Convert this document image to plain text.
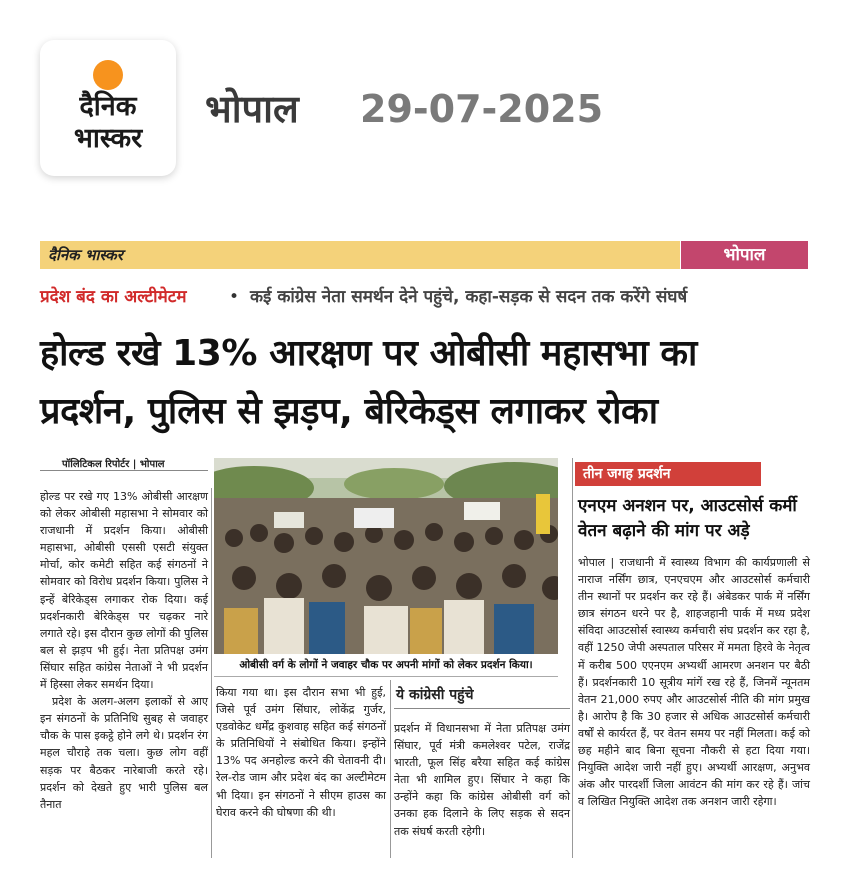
दैनिक
भास्कर
भोपाल 29-07-2025
दैनिक भास्कर	भोपाल
प्रदेश बंद का अल्टीमेटम	• कई कांग्रेस नेता समर्थन देने पहुंचे, कहा-सड़क से सदन तक करेंगे संघर्ष
होल्ड रखे 13% आरक्षण पर ओबीसी महासभा का
प्रदर्शन, पुलिस से झड़प, बेरिकेड्स लगाकर रोका
पॉलिटिकल रिपोर्टर | भोपाल
होल्ड पर रखे गए 13% ओबीसी आरक्षण को लेकर ओबीसी महासभा ने सोमवार को राजधानी में प्रदर्शन किया। ओबीसी महासभा, ओबीसी एससी एसटी संयुक्त मोर्चा, कोर कमेटी सहित कई संगठनों ने सोमवार को विरोध प्रदर्शन किया। पुलिस ने इन्हें बेरिकेड्स लगाकर रोक दिया। कई प्रदर्शनकारी बेरिकेड्स पर चढ़कर नारे लगाते रहे। इस दौरान कुछ लोगों की पुलिस बल से झड़प भी हुई। नेता प्रतिपक्ष उमंग सिंघार सहित कांग्रेस नेताओं ने भी प्रदर्शन में हिस्सा लेकर समर्थन दिया।
प्रदेश के अलग-अलग इलाकों से आए इन संगठनों के प्रतिनिधि सुबह से जवाहर चौक के पास इकट्ठे होने लगे थे। प्रदर्शन रंग महल चौराहे तक चला। कुछ लोग वहीं सड़क पर बैठकर नारेबाजी करते रहे। प्रदर्शन को देखते हुए भारी पुलिस बल तैनात
ओबीसी वर्ग के लोगों ने जवाहर चौक पर अपनी मांगों को लेकर प्रदर्शन किया।
किया गया था। इस दौरान सभा भी हुई, जिसे पूर्व उमंग सिंघार, लोकेंद्र गुर्जर, एडवोकेट धर्मेंद्र कुशवाह सहित कई संगठनों के प्रतिनिधियों ने संबोधित किया। इन्होंने 13% पद अनहोल्ड करने की चेतावनी दी। रेल-रोड जाम और प्रदेश बंद का अल्टीमेटम भी दिया। इन संगठनों ने सीएम हाउस का घेराव करने की घोषणा की थी।
ये कांग्रेसी पहुंचे
प्रदर्शन में विधानसभा में नेता प्रतिपक्ष उमंग सिंघार, पूर्व मंत्री कमलेश्वर पटेल, राजेंद्र भारती, फूल सिंह बरैया सहित कई कांग्रेस नेता भी शामिल हुए। सिंघार ने कहा कि उन्होंने कहा कि कांग्रेस ओबीसी वर्ग को उनका हक दिलाने के लिए सड़क से सदन तक संघर्ष करती रहेगी।
तीन जगह प्रदर्शन
एनएम अनशन पर, आउटसोर्स कर्मी वेतन बढ़ाने की मांग पर अड़े
भोपाल | राजधानी में स्वास्थ्य विभाग की कार्यप्रणाली से नाराज नर्सिंग छात्र, एनएचएम और आउटसोर्स कर्मचारी तीन स्थानों पर प्रदर्शन कर रहे हैं। अंबेडकर पार्क में नर्सिंग छात्र संगठन धरने पर है, शाहजहानी पार्क में मध्य प्रदेश संविदा आउटसोर्स स्वास्थ्य कर्मचारी संघ प्रदर्शन कर रहा है, वहीं 1250 जेपी अस्पताल परिसर में ममता हिरवे के नेतृत्व में करीब 500 एएनएम अभ्यर्थी आमरण अनशन पर बैठी हैं। प्रदर्शनकारी 10 सूत्रीय मांगें रख रहे हैं, जिनमें न्यूनतम वेतन 21,000 रुपए और आउटसोर्स नीति की मांग प्रमुख है। आरोप है कि 30 हजार से अधिक आउटसोर्स कर्मचारी वर्षों से कार्यरत हैं, पर वेतन समय पर नहीं मिलता। कई को छह महीने बाद बिना सूचना नौकरी से हटा दिया गया। नियुक्ति आदेश जारी नहीं हुए। अभ्यर्थी आरक्षण, अनुभव अंक और पारदर्शी जिला आवंटन की मांग कर रहे हैं। जांच व लिखित नियुक्ति आदेश तक अनशन जारी रहेगा।
